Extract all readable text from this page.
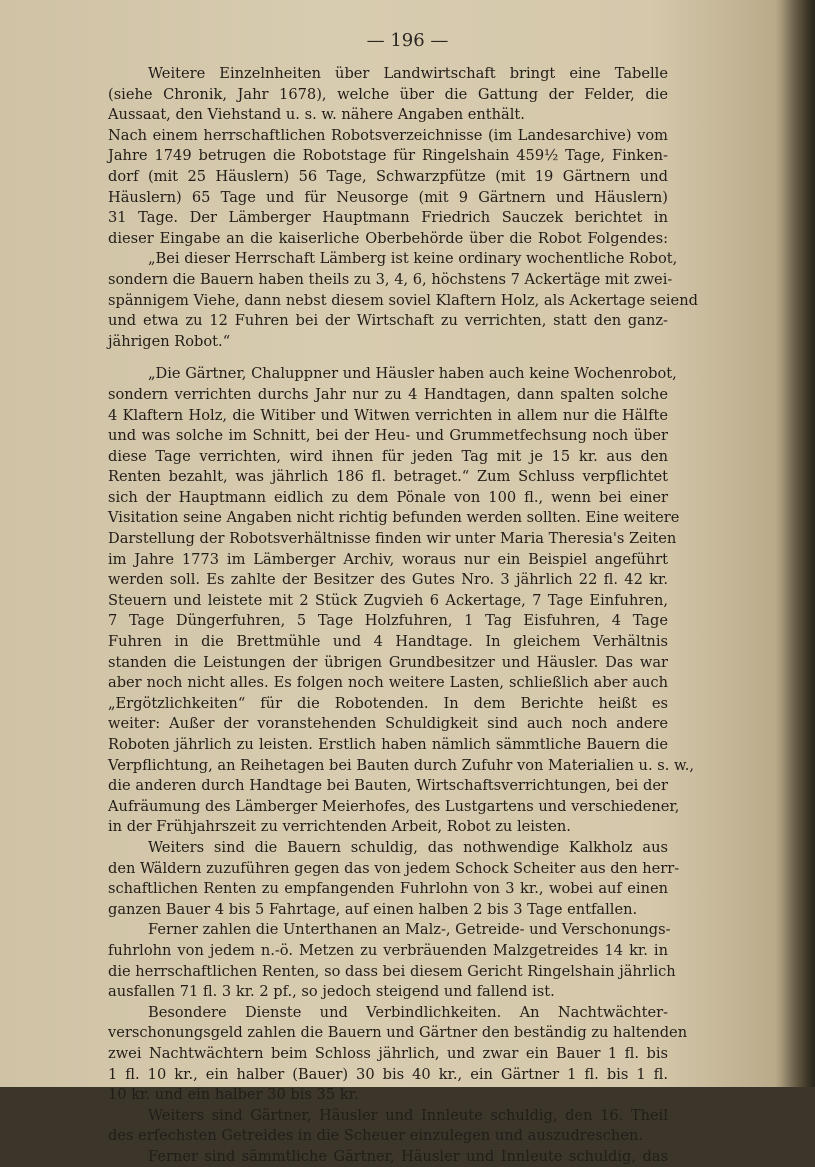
— 196 —
Weitere Einzelnheiten über Landwirtschaft bringt eine Tabelle
(siehe Chronik, Jahr 1678), welche über die Gattung der Felder, die
Aussaat, den Viehstand u. s. w. nähere Angaben enthält.
Nach einem herrschaftlichen Robotsverzeichnisse (im Landesarchive) vom
Jahre 1749 betrugen die Robotstage für Ringelshain 459½ Tage, Finken-
dorf (mit 25 Häuslern) 56 Tage, Schwarzpfütze (mit 19 Gärtnern und
Häuslern) 65 Tage und für Neusorge (mit 9 Gärtnern und Häuslern)
31 Tage. Der Lämberger Hauptmann Friedrich Sauczek berichtet in
dieser Eingabe an die kaiserliche Oberbehörde über die Robot Folgendes:
„Bei dieser Herrschaft Lämberg ist keine ordinary wochentliche Robot,
sondern die Bauern haben theils zu 3, 4, 6, höchstens 7 Ackertäge mit zwei-
spännigem Viehe, dann nebst diesem soviel Klaftern Holz, als Ackertage seiend
und etwa zu 12 Fuhren bei der Wirtschaft zu verrichten, statt den ganz-
jährigen Robot.“
„Die Gärtner, Chaluppner und Häusler haben auch keine Wochenrobot,
sondern verrichten durchs Jahr nur zu 4 Handtagen, dann spalten solche
4 Klaftern Holz, die Witiber und Witwen verrichten in allem nur die Hälfte
und was solche im Schnitt, bei der Heu- und Grummetfechsung noch über
diese Tage verrichten, wird ihnen für jeden Tag mit je 15 kr. aus den
Renten bezahlt, was jährlich 186 fl. betraget.“ Zum Schluss verpflichtet
sich der Hauptmann eidlich zu dem Pönale von 100 fl., wenn bei einer
Visitation seine Angaben nicht richtig befunden werden sollten. Eine weitere
Darstellung der Robotsverhältnisse finden wir unter Maria Theresia's Zeiten
im Jahre 1773 im Lämberger Archiv, woraus nur ein Beispiel angeführt
werden soll. Es zahlte der Besitzer des Gutes Nro. 3 jährlich 22 fl. 42 kr.
Steuern und leistete mit 2 Stück Zugvieh 6 Ackertage, 7 Tage Einfuhren,
7 Tage Düngerfuhren, 5 Tage Holzfuhren, 1 Tag Eisfuhren, 4 Tage
Fuhren in die Brettmühle und 4 Handtage. In gleichem Verhältnis
standen die Leistungen der übrigen Grundbesitzer und Häusler. Das war
aber noch nicht alles. Es folgen noch weitere Lasten, schließlich aber auch
„Ergötzlichkeiten“ für die Robotenden. In dem Berichte heißt es
weiter: Außer der voranstehenden Schuldigkeit sind auch noch andere
Roboten jährlich zu leisten. Erstlich haben nämlich sämmtliche Bauern die
Verpflichtung, an Reihetagen bei Bauten durch Zufuhr von Materialien u. s. w.,
die anderen durch Handtage bei Bauten, Wirtschaftsverrichtungen, bei der
Aufräumung des Lämberger Meierhofes, des Lustgartens und verschiedener,
in der Frühjahrszeit zu verrichtenden Arbeit, Robot zu leisten.
Weiters sind die Bauern schuldig, das nothwendige Kalkholz aus
den Wäldern zuzuführen gegen das von jedem Schock Scheiter aus den herr-
schaftlichen Renten zu empfangenden Fuhrlohn von 3 kr., wobei auf einen
ganzen Bauer 4 bis 5 Fahrtage, auf einen halben 2 bis 3 Tage entfallen.
Ferner zahlen die Unterthanen an Malz-, Getreide- und Verschonungs-
fuhrlohn von jedem n.-ö. Metzen zu verbräuenden Malzgetreides 14 kr. in
die herrschaftlichen Renten, so dass bei diesem Gericht Ringelshain jährlich
ausfallen 71 fl. 3 kr. 2 pf., so jedoch steigend und fallend ist.
Besondere Dienste und Verbindlichkeiten. An Nachtwächter-
verschonungsgeld zahlen die Bauern und Gärtner den beständig zu haltenden
zwei Nachtwächtern beim Schloss jährlich, und zwar ein Bauer 1 fl. bis
1 fl. 10 kr., ein halber (Bauer) 30 bis 40 kr., ein Gärtner 1 fl. bis 1 fl.
10 kr. und ein halber 30 bis 35 kr.
Weiters sind Gärtner, Häusler und Innleute schuldig, den 16. Theil
des erfechsten Getreides in die Scheuer einzulegen und auszudreschen.
Ferner sind sämmtliche Gärtner, Häusler und Innleute schuldig, das
